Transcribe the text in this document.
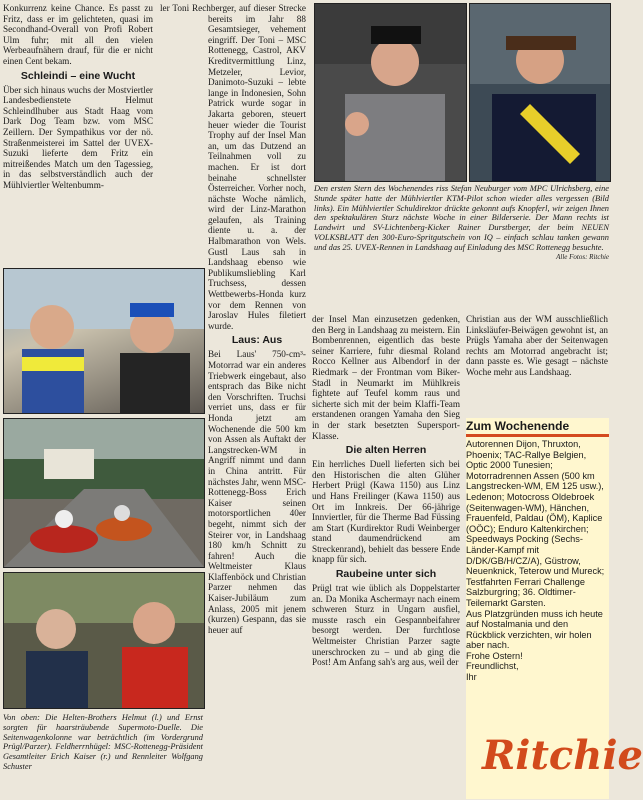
Konkurrenz keine Chance. Es passt zu Fritz, dass er im gelichteten, quasi im Secondhand-Overall von Profi Robert Ulm fuhr; mit all den vielen Werbeaufnähern drauf, für die er nicht einen Cent bekam.

Schleindi – eine Wucht

Über sich hinaus wuchs der Mostviertler Landesbedienstete Helmut Schleindlhuber aus Stadt Haag vom Dark Dog Team bzw. vom MSC Zeillern. Der Sympathikus vor der nö. Straßenmeisterei im Sattel der UVEX-Suzuki lieferte dem Fritz ein mitreißendes Match um den Tagessieg, in das selbstverständlich auch der Mühlviertler Weltenbumm-

ler Toni Rechberger, auf dieser Strecke bereits im Jahr 88 Gesamtsieger, vehement eingriff. Der Toni – MSC Rottenegg, Castrol, AKV Kreditvermittlung Linz, Metzeler, Levior, Danimoto-Suzuki – lebte lange in Indonesien, Sohn Patrick wurde sogar in Jakarta geboren, steuert heuer wieder die Tourist Trophy auf der Insel Man an, um das Dutzend an Teilnahmen voll zu machen. Er ist dort beinahe schnellster Österreicher. Vorher noch, nächste Woche nämlich, wird der Linz-Marathon gelaufen, als Training diente u. a. der Halbmarathon von Wels. Gustl Laus sah in Landshaag ebenso wie Publikumsliebling Karl Truchsess, dessen Wettbewerbs-Honda kurz vor dem Rennen von Jaroslav Hules filetiert wurde.

Laus: Aus

Bei Laus' 750-cm³-Motorrad war ein anderes Triebwerk eingebaut, also entsprach das Bike nicht den Vorschriften. Truchsi verriet uns, dass er für Honda jetzt am Wochenende die 500 km von Assen als Auftakt der Langstrecken-WM in Angriff nimmt und dann in China antritt. Für nächstes Jahr, wenn MSC-Rottenegg-Boss Erich Kaiser seinen motorsportlichen 40er begeht, nimmt sich der Steirer vor, in Landshaag 180 km/h Schnitt zu fahren! Auch die Weltmeister Klaus Klaffenböck und Christian Parzer nehmen das Kaiser-Jubiläum zum Anlass, 2005 mit jenem (kurzen) Gespann, das sie heuer auf

Von oben: Die Helten-Brothers Helmut (l.) und Ernst sorgten für haarsträubende Supermoto-Duelle. Die Seitenwagenkolonne war beträchtlich (im Vordergrund Prügl/Parzer). Feldherrnhügel: MSC-Rottenegg-Präsident Gesamtleiter Erich Kaiser (r.) und Rennleiter Wolfgang Schuster
Den ersten Stern des Wochenendes riss Stefan Neuburger vom MPC Ulrichsberg, eine Stunde später hatte der Mühlviertler KTM-Pilot schon wieder alles vergessen (Bild links). Ein Mühlviertler Schuldirektor drückte gekonnt aufs Knopferl, wir zeigen Ihnen den spektakulären Sturz nächste Woche in einer Bilderserie. Der Mann rechts ist Landwirt und SV-Lichtenberg-Kicker Rainer Durstberger, der beim NEUEN VOLKSBLATT den 300-Euro-Spritgutschein von IQ – einfach schlau tanken gewann und das 25. UVEX-Rennen in Landshaag auf Einladung des MSC Rottenegg besuchte.
Alle Fotos: Ritchie

der Insel Man einzusetzen gedenken, den Berg in Landshaag zu meistern. Ein Bombenrennen, eigentlich das beste seiner Karriere, fuhr diesmal Roland Rocco Kellner aus Albendorf in der Riedmark – der Frontman vom Biker-Stadl in Neumarkt im Mühlkreis fightete auf Teufel komm raus und sicherte sich mit der beim Klaffi-Team erstandenen orangen Yamaha den Sieg in der stark besetzten Supersport-Klasse.

Die alten Herren

Ein herrliches Duell lieferten sich bei den Historischen die alten Glüher Herbert Prügl (Kawa 1150) aus Linz und Hans Freilinger (Kawa 1150) aus Ort im Innkreis. Der 66-jährige Innviertler, für die Therme Bad Füssing am Start (Kurdirektor Rudi Weinberger stand daumendrückend am Streckenrand), behielt das bessere Ende knapp für sich.

Raubeine unter sich

Prügl trat wie üblich als Doppelstarter an. Da Monika Aschermayr nach einem schweren Sturz in Ungarn ausfiel, musste rasch ein Gespannbeifahrer besorgt werden. Der furchtlose Weltmeister Christian Parzer sagte unerschrocken zu – und ab ging die Post! Am Anfang sah's arg aus, weil der

Christian aus der WM ausschließlich Linksläufer-Beiwägen gewohnt ist, an Prügls Yamaha aber der Seitenwagen rechts am Motorrad angebracht ist; dann passte es. Wie gesagt – nächste Woche mehr aus Landshaag.

Zum Wochenende
Autorennen Dijon, Thruxton, Phoenix; TAC-Rallye Belgien, Optic 2000 Tunesien; Motorradrennen Assen (500 km Langstrecken-WM, EM 125 usw.), Ledenon; Motocross Oldebroek (Seitenwagen-WM), Hänchen, Frauenfeld, Paldau (ÖM), Kaplice (OÖC); Enduro Kaltenkirchen; Speedways Pocking (Sechs-Länder-Kampf mit D/DK/GB/H/CZ/A), Güstrow, Neuenknick, Teterow und Mureck; Testfahrten Ferrari Challenge Salzburgring; 36. Oldtimer-Teilemarkt Garsten.
Aus Platzgründen muss ich heute auf Nostalmania und den Rückblick verzichten, wir holen aber nach.
Frohe Ostern!
Freundlichst,
Ihr
Ritchie
